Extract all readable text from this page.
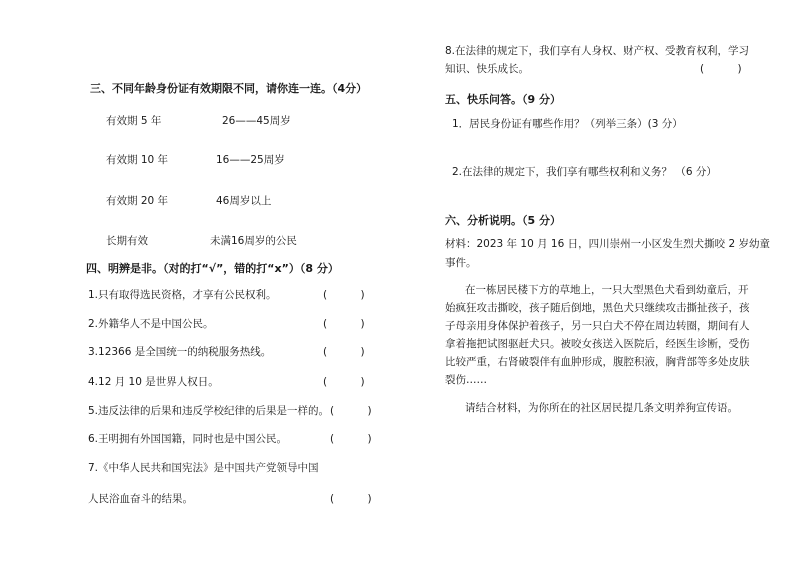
三、不同年龄身份证有效期限不同，请你连一连。（4分）
有效期 5 年	26——45周岁
有效期 10 年	16——25周岁
有效期 20 年	46周岁以上
长期有效	未满16周岁的公民
四、明辨是非。（对的打“√”，错的打“x”）（8 分）
1.只有取得选民资格，才享有公民权利。	(          )
2.外籍华人不是中国公民。	(          )
3.12366 是全国统一的纳税服务热线。	(          )
4.12 月 10 是世界人权日。	(          )
5.违反法律的后果和违反学校纪律的后果是一样的。 (          )
6.王明拥有外国国籍，同时也是中国公民。	(          )
7.《中华人民共和国宪法》是中国共产党领导中国
人民浴血奋斗的结果。	(          )
8.在法律的规定下，我们享有人身权、财产权、受教育权利，学习
知识、快乐成长。	(          )
五、快乐问答。（9 分）
1．居民身份证有哪些作用？（列举三条）(3 分）
2.在法律的规定下，我们享有哪些权利和义务？ （6 分）
六、分析说明。（5 分）
材料：2023 年 10 月 16 日，四川崇州一小区发生烈犬撕咬 2 岁幼童
事件。
在一栋居民楼下方的草地上，一只大型黑色犬看到幼童后，开
始疯狂攻击撕咬，孩子随后倒地，黑色犬只继续攻击撕扯孩子，孩
子母亲用身体保护着孩子，另一只白犬不停在周边转圈，期间有人
拿着拖把试图驱赶犬只。被咬女孩送入医院后，经医生诊断，受伤
比较严重，右肾破裂伴有血肿形成，腹腔积液，胸背部等多处皮肤
裂伤……
请结合材料，为你所在的社区居民提几条文明养狗宣传语。
